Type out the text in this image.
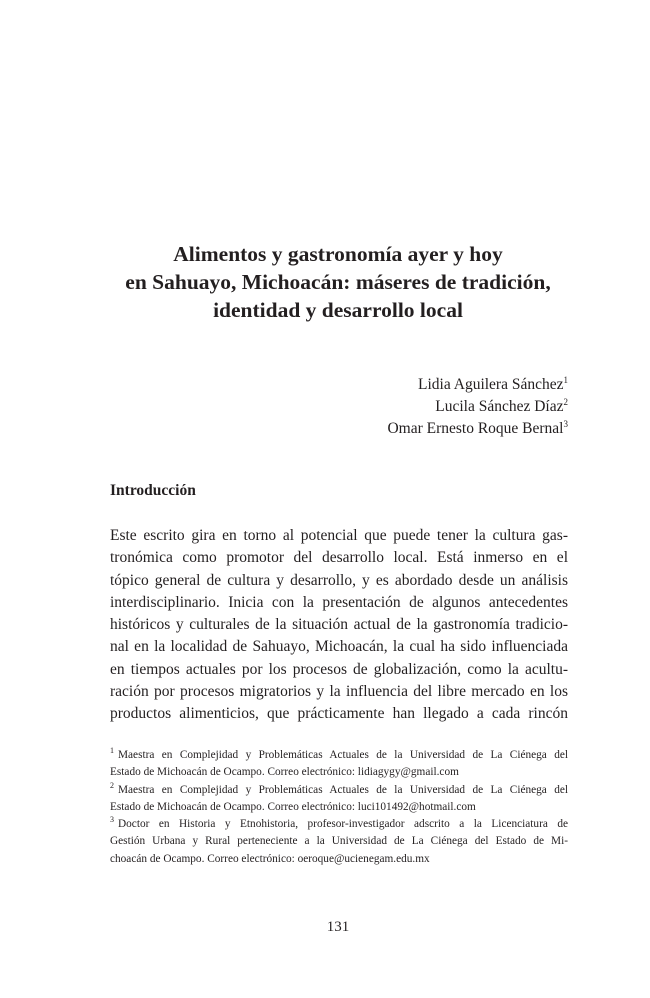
Alimentos y gastronomía ayer y hoy
en Sahuayo, Michoacán: máseres de tradición,
identidad y desarrollo local
Lidia Aguilera Sánchez$^1$
Lucila Sánchez Díaz$^2$
Omar Ernesto Roque Bernal$^3$
Introducción
Este escrito gira en torno al potencial que puede tener la cultura gas-
tronómica como promotor del desarrollo local. Está inmerso en el
tópico general de cultura y desarrollo, y es abordado desde un análisis
interdisciplinario. Inicia con la presentación de algunos antecedentes
históricos y culturales de la situación actual de la gastronomía tradicio-
nal en la localidad de Sahuayo, Michoacán, la cual ha sido influenciada
en tiempos actuales por los procesos de globalización, como la acultu-
ración por procesos migratorios y la influencia del libre mercado en los
productos alimenticios, que prácticamente han llegado a cada rincón
$^1$ Maestra en Complejidad y Problemáticas Actuales de la Universidad de La Ciénega del
Estado de Michoacán de Ocampo. Correo electrónico: lidiagygy@gmail.com
$^2$ Maestra en Complejidad y Problemáticas Actuales de la Universidad de La Ciénega del
Estado de Michoacán de Ocampo. Correo electrónico: luci101492@hotmail.com
$^3$ Doctor en Historia y Etnohistoria, profesor-investigador adscrito a la Licenciatura de
Gestión Urbana y Rural perteneciente a la Universidad de La Ciénega del Estado de Mi-
choacán de Ocampo. Correo electrónico: oeroque@ucienegam.edu.mx
131
